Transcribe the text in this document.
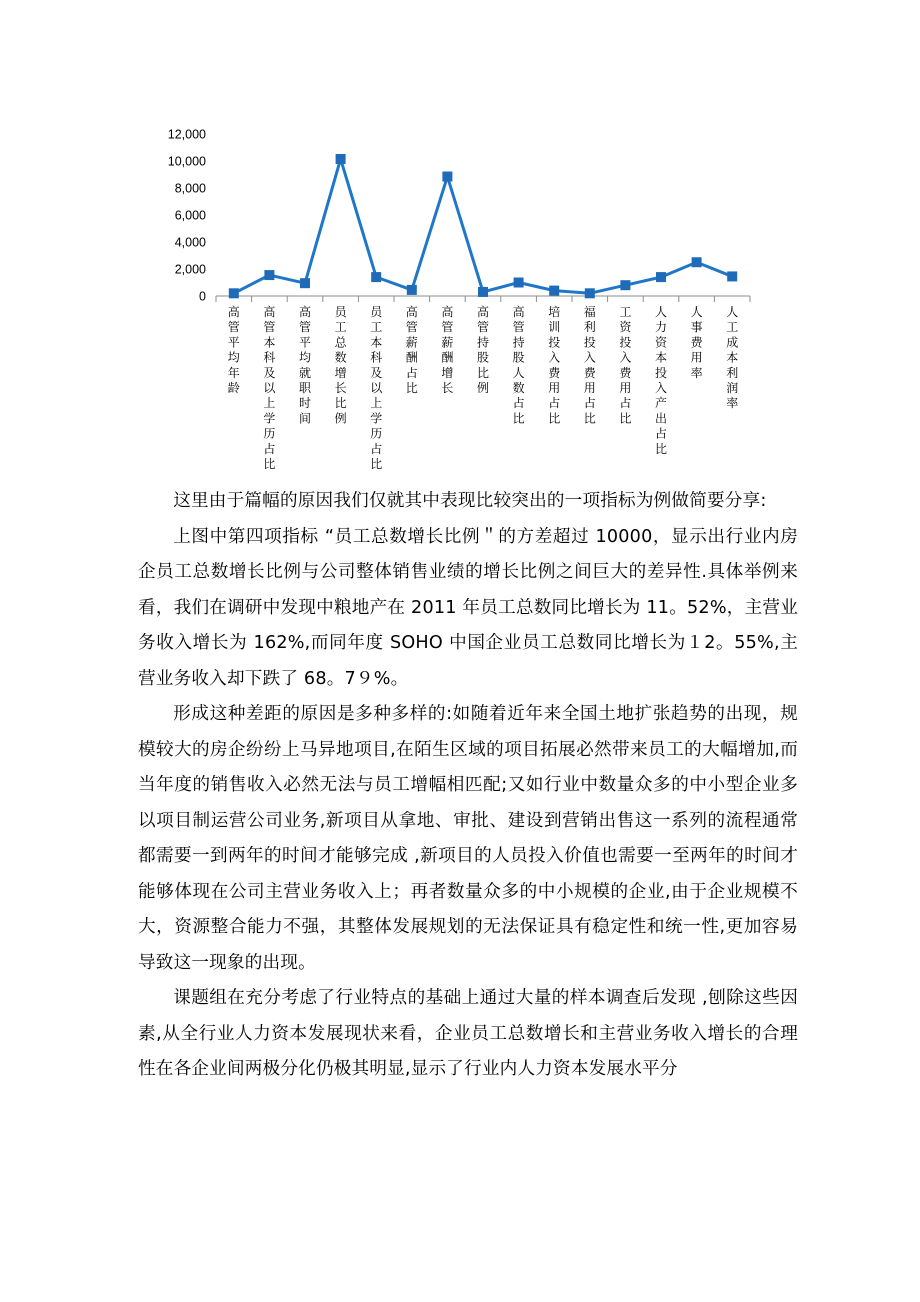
0
2,000
4,000
6,000
8,000
10,000
12,000
高管平均年龄
高管本科及以上学历占比
高管平均就职时间
员工总数增长比例
员工本科及以上学历占比
高管薪酬占比
高管薪酬增长
高管持股比例
高管持股人数占比
培训投入费用占比
福利投入费用占比
工资投入费用占比
人力资本投入产出占比
人事费用率
人工成本利润率

这里由于篇幅的原因我们仅就其中表现比较突出的一项指标为例做简要分享:

上图中第四项指标 “员工总数增长比例＂的方差超过 10000，显示出行业内房企员工总数增长比例与公司整体销售业绩的增长比例之间巨大的差异性.具体举例来看，我们在调研中发现中粮地产在 2011 年员工总数同比增长为 11。52%，主营业务收入增长为 162%,而同年度 SOHO 中国企业员工总数同比增长为１2。55%,主营业务收入却下跌了 68。7９%。

形成这种差距的原因是多种多样的:如随着近年来全国土地扩张趋势的出现，规模较大的房企纷纷上马异地项目,在陌生区域的项目拓展必然带来员工的大幅增加,而当年度的销售收入必然无法与员工增幅相匹配;又如行业中数量众多的中小型企业多以项目制运营公司业务,新项目从拿地、审批、建设到营销出售这一系列的流程通常都需要一到两年的时间才能够完成 ,新项目的人员投入价值也需要一至两年的时间才能够体现在公司主营业务收入上；再者数量众多的中小规模的企业,由于企业规模不大，资源整合能力不强，其整体发展规划的无法保证具有稳定性和统一性,更加容易导致这一现象的出现。

课题组在充分考虑了行业特点的基础上通过大量的样本调查后发现 ,刨除这些因素,从全行业人力资本发展现状来看，企业员工总数增长和主营业务收入增长的合理性在各企业间两极分化仍极其明显,显示了行业内人力资本发展水平分
